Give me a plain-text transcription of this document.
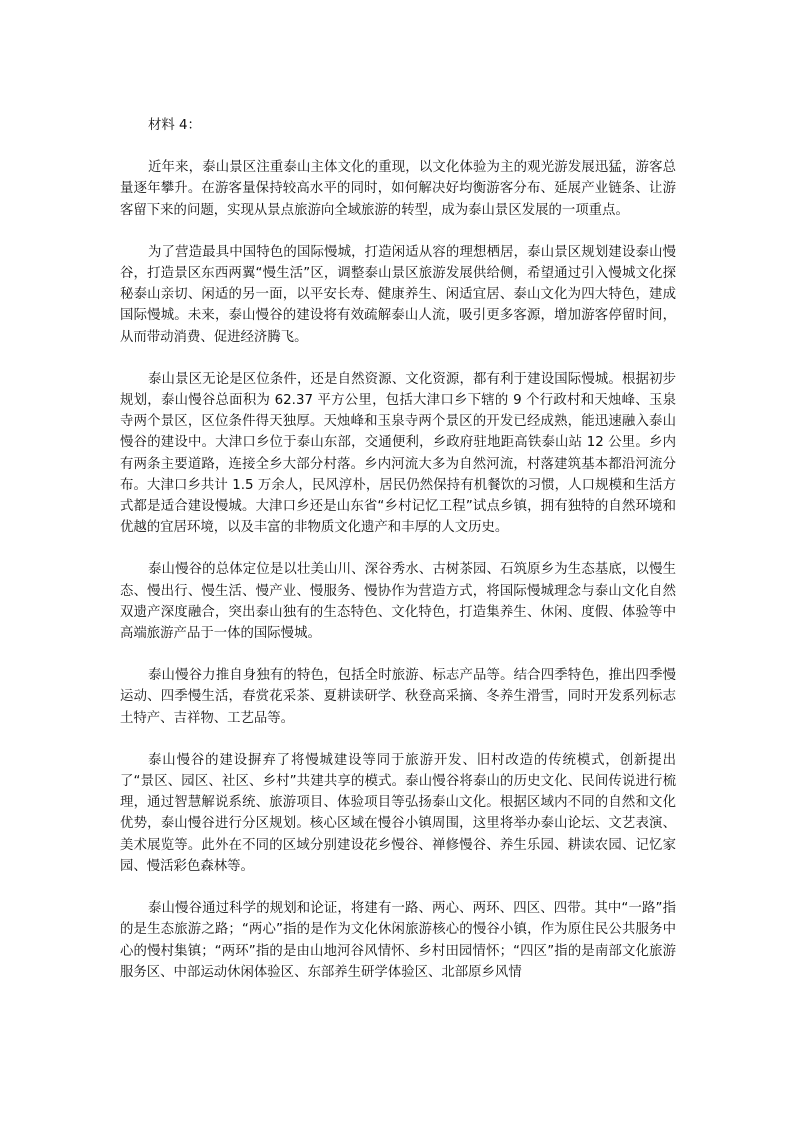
材料 4：

近年来，泰山景区注重泰山主体文化的重现，以文化体验为主的观光游发展迅猛，游客总量逐年攀升。在游客量保持较高水平的同时，如何解决好均衡游客分布、延展产业链条、让游客留下来的问题，实现从景点旅游向全域旅游的转型，成为泰山景区发展的一项重点。

为了营造最具中国特色的国际慢城，打造闲适从容的理想栖居，泰山景区规划建设泰山慢谷，打造景区东西两翼“慢生活”区，调整泰山景区旅游发展供给侧，希望通过引入慢城文化探秘泰山亲切、闲适的另一面，以平安长寿、健康养生、闲适宜居、泰山文化为四大特色，建成国际慢城。未来，泰山慢谷的建设将有效疏解泰山人流，吸引更多客源，增加游客停留时间，从而带动消费、促进经济腾飞。

泰山景区无论是区位条件，还是自然资源、文化资源，都有利于建设国际慢城。根据初步规划，泰山慢谷总面积为 62.37 平方公里，包括大津口乡下辖的 9 个行政村和天烛峰、玉泉寺两个景区，区位条件得天独厚。天烛峰和玉泉寺两个景区的开发已经成熟，能迅速融入泰山慢谷的建设中。大津口乡位于泰山东部，交通便利，乡政府驻地距高铁泰山站 12 公里。乡内有两条主要道路，连接全乡大部分村落。乡内河流大多为自然河流，村落建筑基本都沿河流分布。大津口乡共计 1.5 万余人，民风淳朴，居民仍然保持有机餐饮的习惯，人口规模和生活方式都是适合建设慢城。大津口乡还是山东省“乡村记忆工程”试点乡镇，拥有独特的自然环境和优越的宜居环境，以及丰富的非物质文化遗产和丰厚的人文历史。

泰山慢谷的总体定位是以壮美山川、深谷秀水、古树茶园、石筑原乡为生态基底，以慢生态、慢出行、慢生活、慢产业、慢服务、慢协作为营造方式，将国际慢城理念与泰山文化自然双遗产深度融合，突出泰山独有的生态特色、文化特色，打造集养生、休闲、度假、体验等中高端旅游产品于一体的国际慢城。

泰山慢谷力推自身独有的特色，包括全时旅游、标志产品等。结合四季特色，推出四季慢运动、四季慢生活，春赏花采茶、夏耕读研学、秋登高采摘、冬养生滑雪，同时开发系列标志土特产、吉祥物、工艺品等。

泰山慢谷的建设摒弃了将慢城建设等同于旅游开发、旧村改造的传统模式，创新提出了“景区、园区、社区、乡村”共建共享的模式。泰山慢谷将泰山的历史文化、民间传说进行梳理，通过智慧解说系统、旅游项目、体验项目等弘扬泰山文化。根据区域内不同的自然和文化优势，泰山慢谷进行分区规划。核心区域在慢谷小镇周围，这里将举办泰山论坛、文艺表演、美术展览等。此外在不同的区域分别建设花乡慢谷、禅修慢谷、养生乐园、耕读农园、记忆家园、慢活彩色森林等。

泰山慢谷通过科学的规划和论证，将建有一路、两心、两环、四区、四带。其中“一路”指的是生态旅游之路；“两心”指的是作为文化休闲旅游核心的慢谷小镇，作为原住民公共服务中心的慢村集镇；“两环”指的是由山地河谷风情怀、乡村田园情怀；“四区”指的是南部文化旅游服务区、中部运动休闲体验区、东部养生研学体验区、北部原乡风情
